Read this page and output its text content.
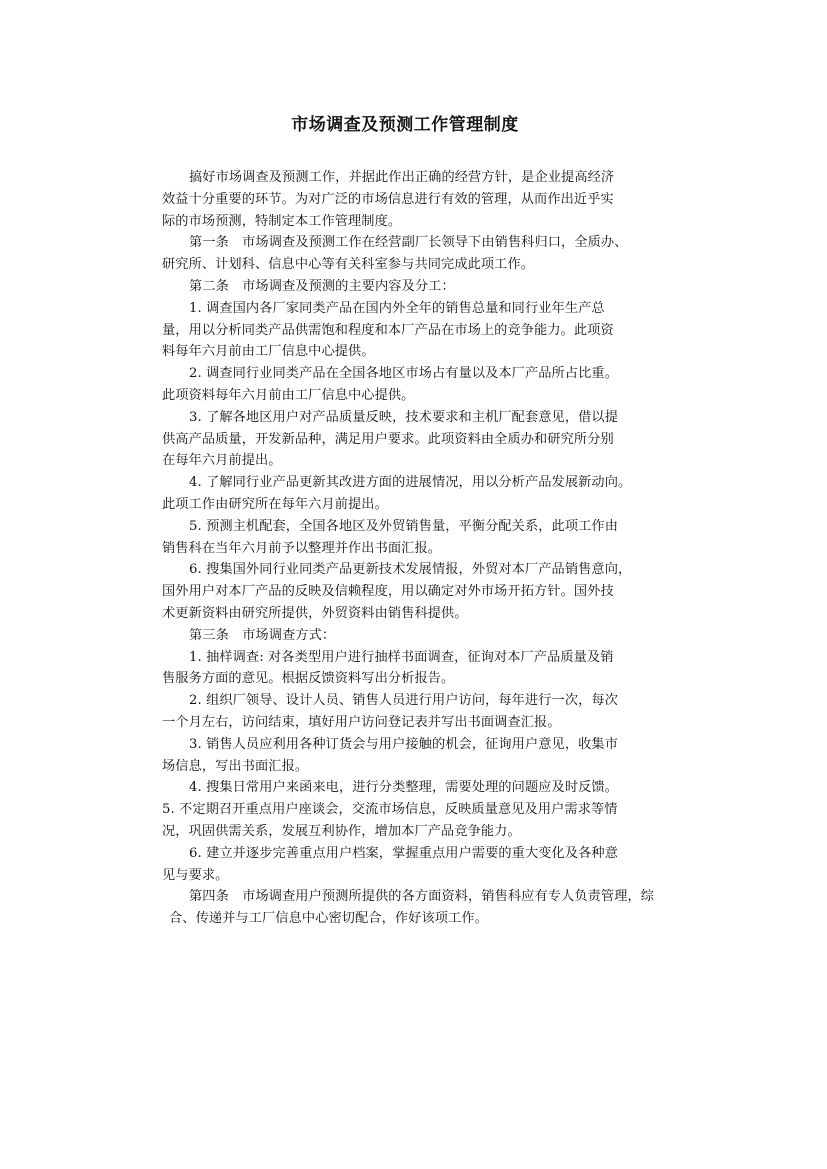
市场调查及预测工作管理制度
搞好市场调查及预测工作，并据此作出正确的经营方针，是企业提高经济
效益十分重要的环节。为对广泛的市场信息进行有效的管理，从而作出近乎实
际的市场预测，特制定本工作管理制度。
第一条　市场调查及预测工作在经营副厂长领导下由销售科归口，全质办、
研究所、计划科、信息中心等有关科室参与共同完成此项工作。
第二条　市场调查及预测的主要内容及分工：
1. 调查国内各厂家同类产品在国内外全年的销售总量和同行业年生产总
量，用以分析同类产品供需饱和程度和本厂产品在市场上的竞争能力。此项资
料每年六月前由工厂信息中心提供。
2. 调查同行业同类产品在全国各地区市场占有量以及本厂产品所占比重。
此项资料每年六月前由工厂信息中心提供。
3. 了解各地区用户对产品质量反映，技术要求和主机厂配套意见，借以提
供高产品质量，开发新品种，满足用户要求。此项资料由全质办和研究所分别
在每年六月前提出。
4. 了解同行业产品更新其改进方面的进展情况，用以分析产品发展新动向。
此项工作由研究所在每年六月前提出。
5. 预测主机配套，全国各地区及外贸销售量，平衡分配关系，此项工作由
销售科在当年六月前予以整理并作出书面汇报。
6. 搜集国外同行业同类产品更新技术发展情报，外贸对本厂产品销售意向，
国外用户对本厂产品的反映及信赖程度，用以确定对外市场开拓方针。国外技
术更新资料由研究所提供，外贸资料由销售科提供。
第三条　市场调查方式：
1. 抽样调查: 对各类型用户进行抽样书面调查，征询对本厂产品质量及销
售服务方面的意见。根据反馈资料写出分析报告。
2. 组织厂领导、设计人员、销售人员进行用户访问，每年进行一次，每次
一个月左右，访问结束，填好用户访问登记表并写出书面调查汇报。
3. 销售人员应利用各种订货会与用户接触的机会，征询用户意见，收集市
场信息，写出书面汇报。
4. 搜集日常用户来函来电，进行分类整理，需要处理的问题应及时反馈。
5. 不定期召开重点用户座谈会，交流市场信息，反映质量意见及用户需求等情
况，巩固供需关系，发展互利协作，增加本厂产品竞争能力。
6. 建立并逐步完善重点用户档案，掌握重点用户需要的重大变化及各种意
见与要求。
第四条　市场调查用户预测所提供的各方面资料，销售科应有专人负责管理，综
合、传递并与工厂信息中心密切配合，作好该项工作。
